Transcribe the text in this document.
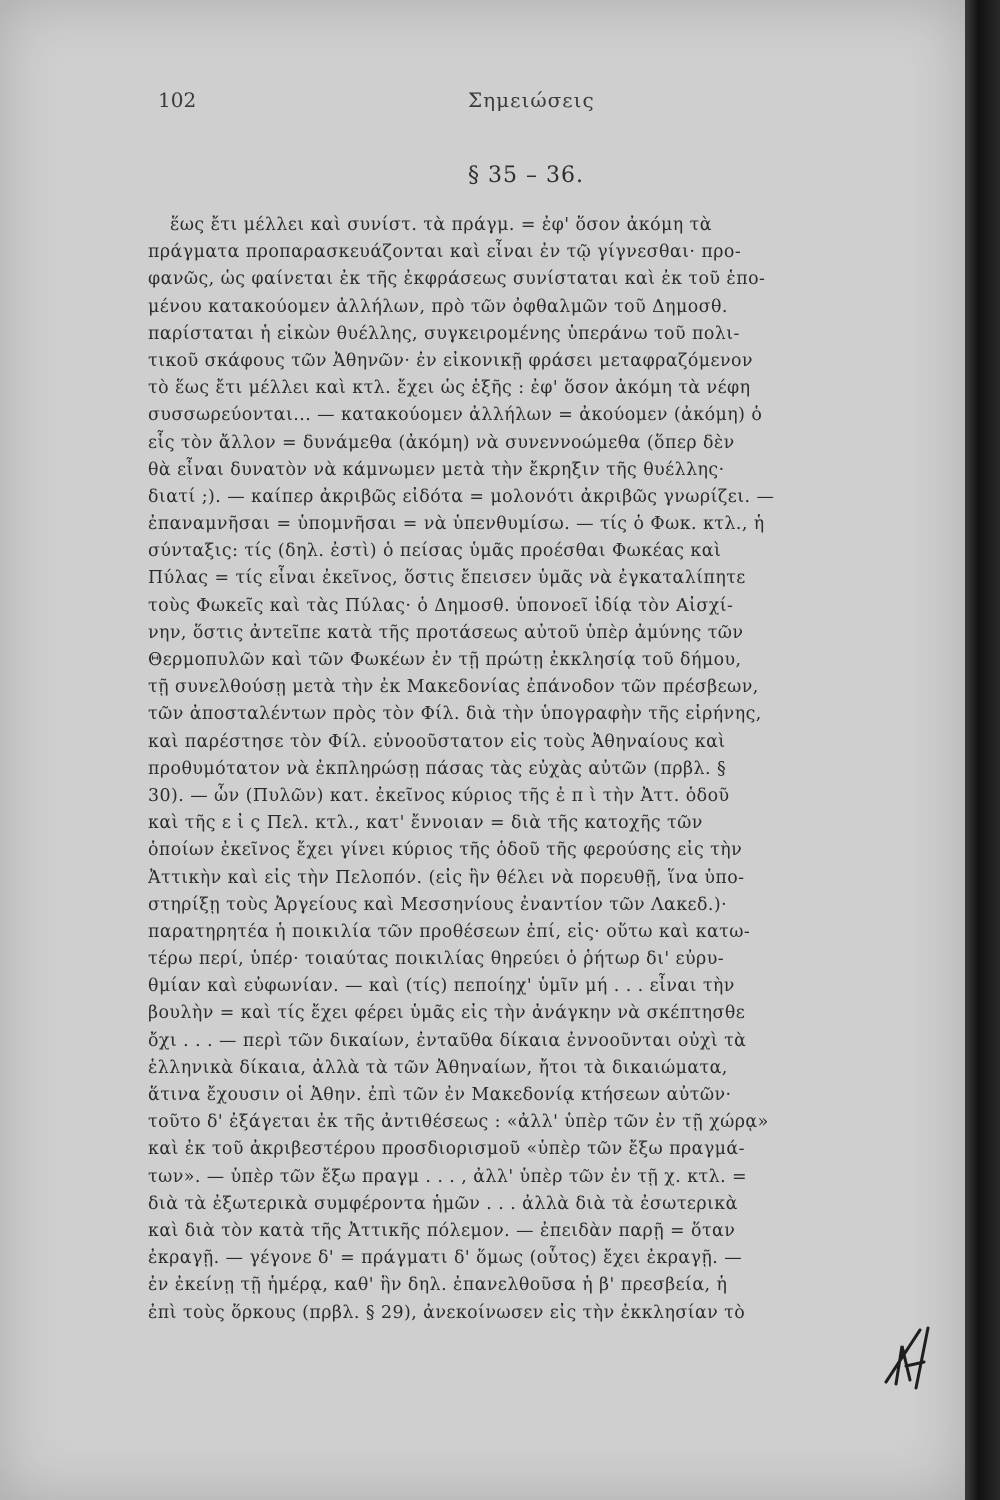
102	Σημειώσεις
§ 35 – 36.
ἕως ἔτι μέλλει καὶ συνίστ. τὰ πράγμ. = ἐφ' ὅσον ἀκόμη τὰ
πράγματα προπαρασκευάζονται καὶ εἶναι ἐν τῷ γίγνεσθαι· προ-
φανῶς, ὡς φαίνεται ἐκ τῆς ἐκφράσεως συνίσταται καὶ ἐκ τοῦ ἑπο-
μένου κατακούομεν ἀλλήλων, πρὸ τῶν ὀφθαλμῶν τοῦ Δημοσθ.
παρίσταται ἡ εἰκὼν θυέλλης, συγκειρομένης ὑπεράνω τοῦ πολι-
τικοῦ σκάφους τῶν Ἀθηνῶν· ἐν εἰκονικῇ φράσει μεταφραζόμενον
τὸ ἕως ἔτι μέλλει καὶ κτλ. ἔχει ὡς ἑξῆς : ἐφ' ὅσον ἀκόμη τὰ νέφη
συσσωρεύονται... — κατακούομεν ἀλλήλων = ἀκούομεν (ἀκόμη) ὁ
εἷς τὸν ἄλλον = δυνάμεθα (ἀκόμη) νὰ συνεννοώμεθα (ὅπερ δὲν
θὰ εἶναι δυνατὸν νὰ κάμνωμεν μετὰ τὴν ἔκρηξιν τῆς θυέλλης·
διατί ;). — καίπερ ἀκριβῶς εἰδότα = μολονότι ἀκριβῶς γνωρίζει. —
ἐπαναμνῆσαι = ὑπομνῆσαι = νὰ ὑπενθυμίσω. — τίς ὁ Φωκ. κτλ., ἡ
σύνταξις: τίς (δηλ. ἐστὶ) ὁ πείσας ὑμᾶς προέσθαι Φωκέας καὶ
Πύλας = τίς εἶναι ἐκεῖνος, ὅστις ἔπεισεν ὑμᾶς νὰ ἐγκαταλίπητε
τοὺς Φωκεῖς καὶ τὰς Πύλας· ὁ Δημοσθ. ὑπονοεῖ ἰδίᾳ τὸν Αἰσχί-
νην, ὅστις ἀντεῖπε κατὰ τῆς προτάσεως αὐτοῦ ὑπὲρ ἀμύνης τῶν
Θερμοπυλῶν καὶ τῶν Φωκέων ἐν τῇ πρώτῃ ἐκκλησίᾳ τοῦ δήμου,
τῇ συνελθούσῃ μετὰ τὴν ἐκ Μακεδονίας ἐπάνοδον τῶν πρέσβεων,
τῶν ἀποσταλέντων πρὸς τὸν Φίλ. διὰ τὴν ὑπογραφὴν τῆς εἰρήνης,
καὶ παρέστησε τὸν Φίλ. εὐνοοῦστατον εἰς τοὺς Ἀθηναίους καὶ
προθυμότατον νὰ ἐκπληρώσῃ πάσας τὰς εὐχὰς αὐτῶν (πρβλ. §
30). — ὧν (Πυλῶν) κατ. ἐκεῖνος κύριος τῆς ἐ π ὶ τὴν Ἀττ. ὁδοῦ
καὶ τῆς ε ἰ ς Πελ. κτλ., κατ' ἔννοιαν = διὰ τῆς κατοχῆς τῶν
ὁποίων ἐκεῖνος ἔχει γίνει κύριος τῆς ὁδοῦ τῆς φερούσης εἰς τὴν
Ἀττικὴν καὶ εἰς τὴν Πελοπόν. (εἰς ἣν θέλει νὰ πορευθῇ, ἵνα ὑπο-
στηρίξῃ τοὺς Ἀργείους καὶ Μεσσηνίους ἐναντίον τῶν Λακεδ.)·
παρατηρητέα ἡ ποικιλία τῶν προθέσεων ἐπί, εἰς· οὕτω καὶ κατω-
τέρω περί, ὑπέρ· τοιαύτας ποικιλίας θηρεύει ὁ ῥήτωρ δι' εὐρυ-
θμίαν καὶ εὐφωνίαν. — καὶ (τίς) πεποίηχ' ὑμῖν μή . . . εἶναι τὴν
βουλὴν = καὶ τίς ἔχει φέρει ὑμᾶς εἰς τὴν ἀνάγκην νὰ σκέπτησθε
ὄχι . . . — περὶ τῶν δικαίων, ἐνταῦθα δίκαια ἐννοοῦνται οὐχὶ τὰ
ἑλληνικὰ δίκαια, ἀλλὰ τὰ τῶν Ἀθηναίων, ἤτοι τὰ δικαιώματα,
ἅτινα ἔχουσιν οἱ Ἀθην. ἐπὶ τῶν ἐν Μακεδονίᾳ κτήσεων αὐτῶν·
τοῦτο δ' ἐξάγεται ἐκ τῆς ἀντιθέσεως : «ἀλλ' ὑπὲρ τῶν ἐν τῇ χώρᾳ»
καὶ ἐκ τοῦ ἀκριβεστέρου προσδιορισμοῦ «ὑπὲρ τῶν ἔξω πραγμά-
των». — ὑπὲρ τῶν ἔξω πραγμ . . . , ἀλλ' ὑπὲρ τῶν ἐν τῇ χ. κτλ. =
διὰ τὰ ἐξωτερικὰ συμφέροντα ἡμῶν . . . ἀλλὰ διὰ τὰ ἐσωτερικὰ
καὶ διὰ τὸν κατὰ τῆς Ἀττικῆς πόλεμον. — ἐπειδὰν παρῇ = ὅταν
ἐκραγῇ. — γέγονε δ' = πράγματι δ' ὅμως (οὗτος) ἔχει ἐκραγῇ. —
ἐν ἐκείνῃ τῇ ἡμέρᾳ, καθ' ἣν δηλ. ἐπανελθοῦσα ἡ β' πρεσβεία, ἡ
ἐπὶ τοὺς ὅρκους (πρβλ. § 29), ἀνεκοίνωσεν εἰς τὴν ἐκκλησίαν τὸ
